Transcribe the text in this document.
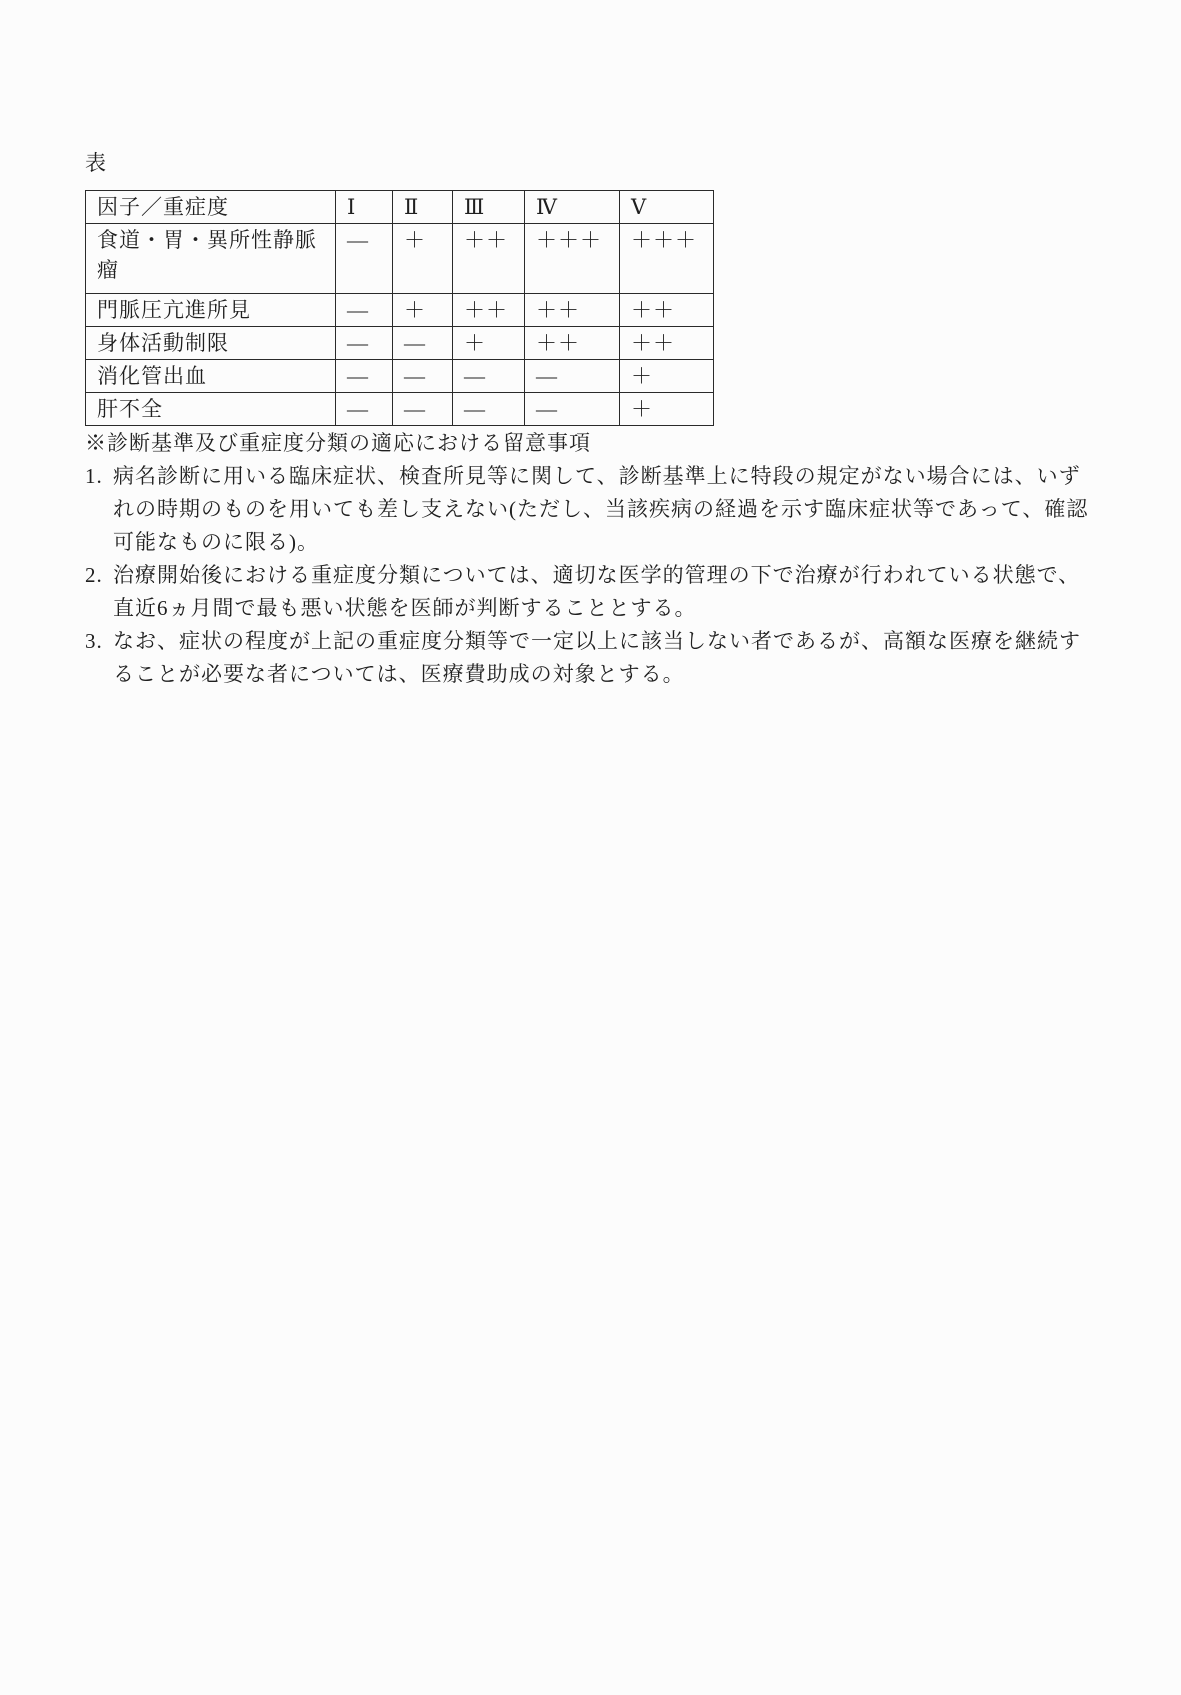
表
因子／重症度	Ⅰ	Ⅱ	Ⅲ	Ⅳ	Ⅴ
食道・胃・異所性静脈瘤	―	＋	＋＋	＋＋＋	＋＋＋
門脈圧亢進所見	―	＋	＋＋	＋＋	＋＋
身体活動制限	―	―	＋	＋＋	＋＋
消化管出血	―	―	―	―	＋
肝不全	―	―	―	―	＋
※診断基準及び重症度分類の適応における留意事項
1. 病名診断に用いる臨床症状、検査所見等に関して、診断基準上に特段の規定がない場合には、いず
れの時期のものを用いても差し支えない(ただし、当該疾病の経過を示す臨床症状等であって、確認
可能なものに限る)。
2. 治療開始後における重症度分類については、適切な医学的管理の下で治療が行われている状態で、
直近6ヵ月間で最も悪い状態を医師が判断することとする。
3. なお、症状の程度が上記の重症度分類等で一定以上に該当しない者であるが、高額な医療を継続す
ることが必要な者については、医療費助成の対象とする。
